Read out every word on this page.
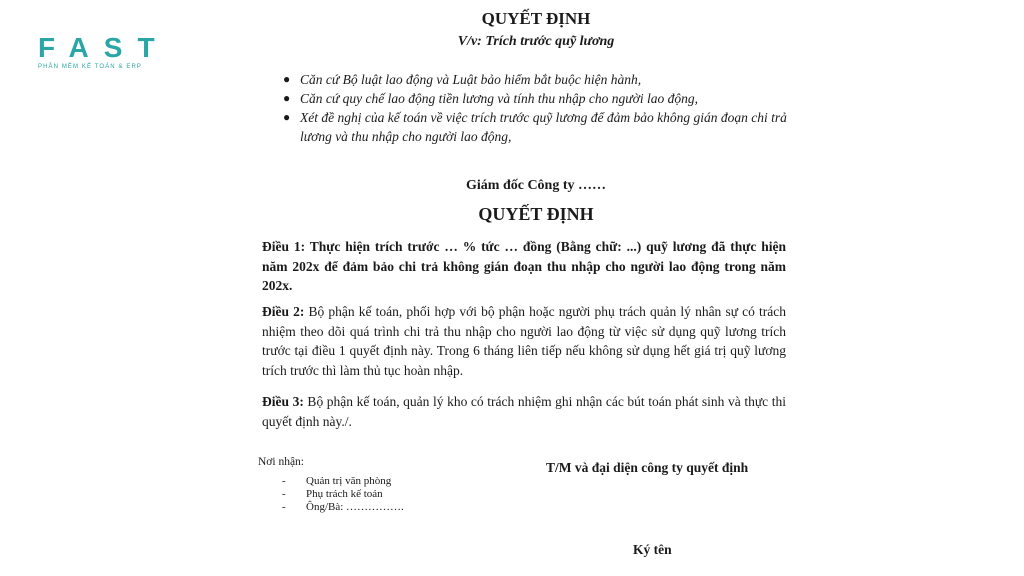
FAST
PHẦN MỀM KẾ TOÁN & ERP
QUYẾT ĐỊNH
V/v: Trích trước quỹ lương
● Căn cứ Bộ luật lao động và Luật bảo hiểm bắt buộc hiện hành,
● Căn cứ quy chế lao động tiền lương và tính thu nhập cho người lao động,
● Xét đề nghị của kế toán về việc trích trước quỹ lương để đảm bảo không gián đoạn chi trả lương và thu nhập cho người lao động,
Giám đốc Công ty ……
QUYẾT ĐỊNH
Điều 1: Thực hiện trích trước … % tức … đồng (Bằng chữ: ...) quỹ lương đã thực hiện năm 202x để đảm bảo chi trả không gián đoạn thu nhập cho người lao động trong năm 202x.
Điều 2: Bộ phận kế toán, phối hợp với bộ phận hoặc người phụ trách quản lý nhân sự có trách nhiệm theo dõi quá trình chi trả thu nhập cho người lao động từ việc sử dụng quỹ lương trích trước tại điều 1 quyết định này. Trong 6 tháng liên tiếp nếu không sử dụng hết giá trị quỹ lương trích trước thì làm thủ tục hoàn nhập.
Điều 3: Bộ phận kế toán, quản lý kho có trách nhiệm ghi nhận các bút toán phát sinh và thực thi quyết định này./.
Nơi nhận:
- Quản trị văn phòng
- Phụ trách kế toán
- Ông/Bà: …………….
T/M và đại diện công ty quyết định
Ký tên
